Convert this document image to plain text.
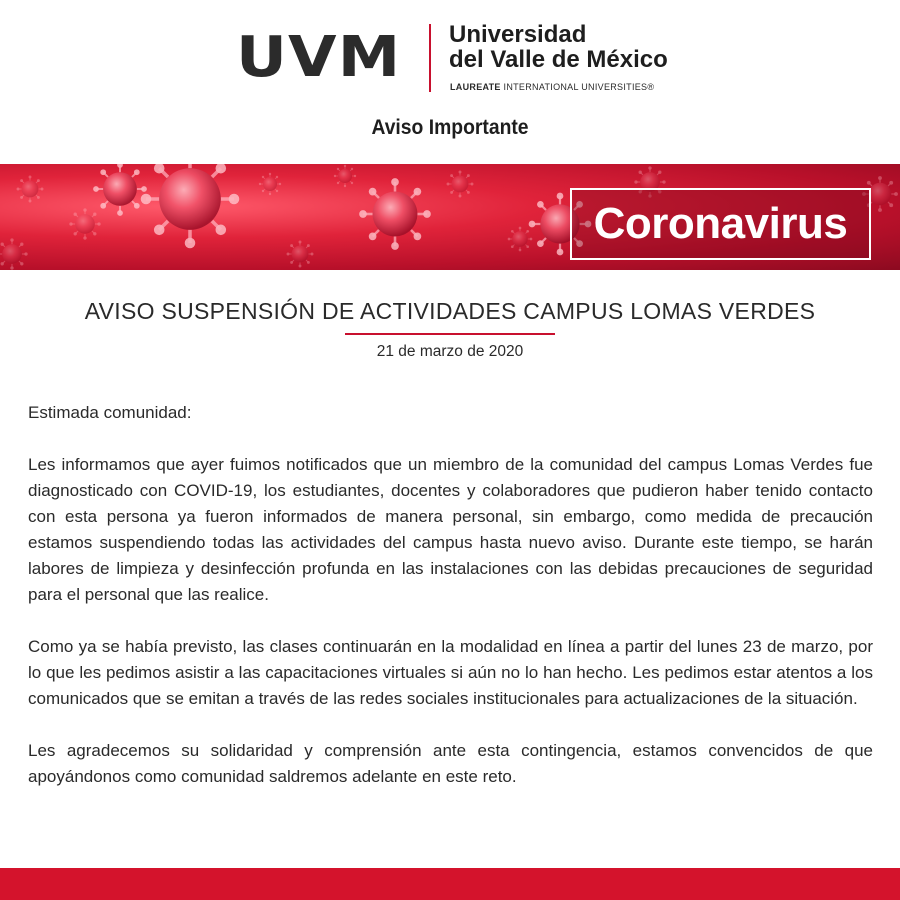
UVM Universidad
del Valle de México
LAUREATE INTERNATIONAL UNIVERSITIES®
Aviso Importante
Coronavirus
AVISO SUSPENSIÓN DE ACTIVIDADES CAMPUS LOMAS VERDES
21 de marzo de 2020

Estimada comunidad:

Les informamos que ayer fuimos notificados que un miembro de la comunidad del campus Lomas Verdes fue diagnosticado con COVID-19, los estudiantes, docentes y colaboradores que pudieron haber tenido contacto con esta persona ya fueron informados de manera personal, sin embargo, como medida de precaución estamos suspendiendo todas las actividades del campus hasta nuevo aviso. Durante este tiempo, se harán labores de limpieza y desinfección profunda en las instalaciones con las debidas precauciones de seguridad para el personal que las realice.

Como ya se había previsto, las clases continuarán en la modalidad en línea a partir del lunes 23 de marzo, por lo que les pedimos asistir a las capacitaciones virtuales si aún no lo han hecho. Les pedimos estar atentos a los comunicados que se emitan a través de las redes sociales institucionales para actualizaciones de la situación.

Les agradecemos su solidaridad y comprensión ante esta contingencia, estamos convencidos de que apoyándonos como comunidad saldremos adelante en este reto.
